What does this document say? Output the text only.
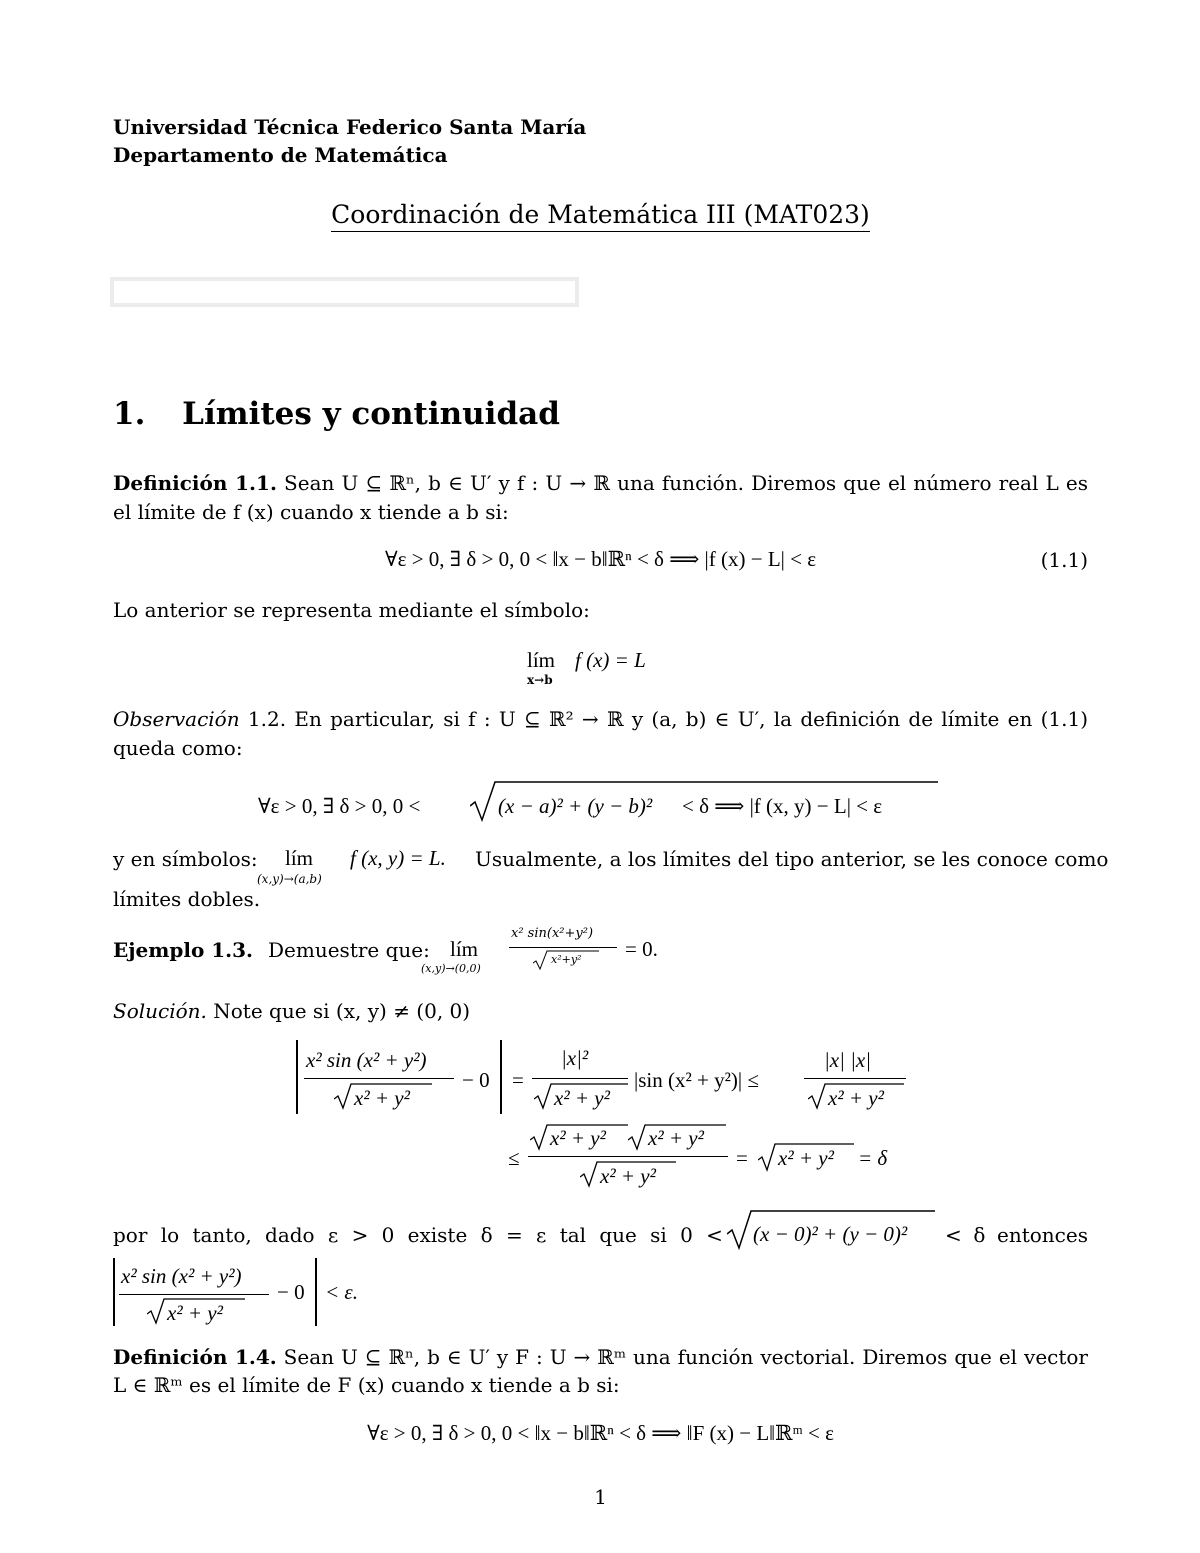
Universidad Técnica Federico Santa María
Departamento de Matemática
Coordinación de Matemática III (MAT023)
1. Límites y continuidad
Definición 1.1. Sean U ⊆ ℝⁿ, b ∈ U′ y f : U → ℝ una función. Diremos que el número real L es
el límite de f (x) cuando x tiende a b si:
∀ε > 0, ∃ δ > 0, 0 < ‖x − b‖ℝⁿ < δ ⟹ |f (x) − L| < ε	(1.1)
Lo anterior se representa mediante el símbolo:
lím
x→b
f (x) = L
Observación 1.2. En particular, si f : U ⊆ ℝ² → ℝ y (a, b) ∈ U′, la definición de límite en (1.1)
queda como:
∀ε > 0, ∃ δ > 0, 0 <	(x − a)² + (y − b)² < δ ⟹ |f (x, y) − L| < ε
y en símbolos: lím
(x,y)→(a,b)
f (x, y) = L. Usualmente, a los límites del tipo anterior, se les conoce como
límites dobles.
Ejemplo 1.3. Demuestre que: lím
(x,y)→(0,0)
x² sin(x²+y²)
x²+y² = 0.
Solución. Note que si (x, y) ≠ (0, 0)
x² sin (x² + y²)
x² + y²
− 0 =
|x|²
x² + y²
|sin (x² + y²)| ≤
|x| |x|
x² + y²
≤
x² + y² x² + y²
x² + y²
= x² + y² = δ
por lo tanto, dado ε > 0 existe δ = ε tal que si 0 < (x − 0)² + (y − 0)² < δ entonces
x² sin (x² + y²)
x² + y²
− 0 < ε.
Definición 1.4. Sean U ⊆ ℝⁿ, b ∈ U′ y F : U → ℝᵐ una función vectorial. Diremos que el vector
L ∈ ℝᵐ es el límite de F (x) cuando x tiende a b si:
∀ε > 0, ∃ δ > 0, 0 < ‖x − b‖ℝⁿ < δ ⟹ ‖F (x) − L‖ℝᵐ < ε
1
